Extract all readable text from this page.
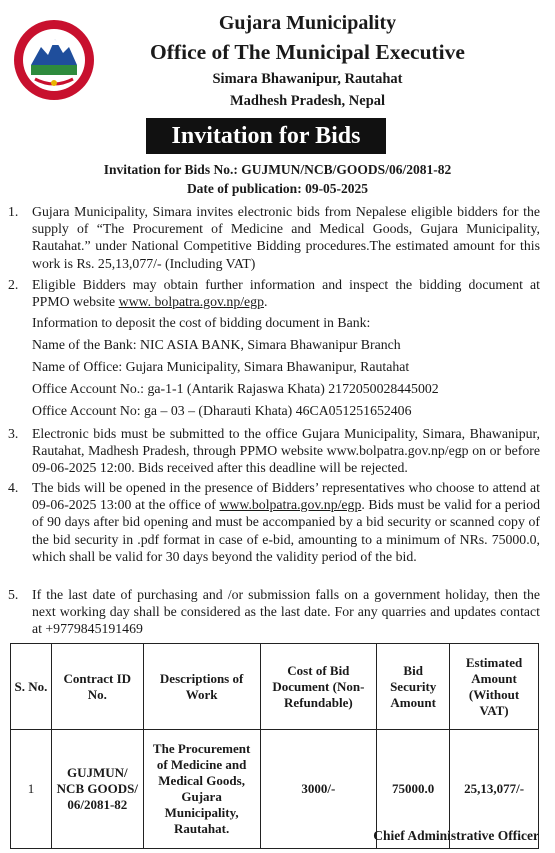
Gujara Municipality
Office of The Municipal Executive
Simara Bhawanipur, Rautahat
Madhesh Pradesh, Nepal
Invitation for Bids
Invitation for Bids No.: GUJMUN/NCB/GOODS/06/2081-82
Date of publication: 09-05-2025
1. Gujara Municipality, Simara invites electronic bids from Nepalese eligible bidders for the supply of “The Procurement of Medicine and Medical Goods, Gujara Municipality, Rautahat.” under National Competitive Bidding procedures.The estimated amount for this work is Rs. 25,13,077/- (Including VAT)
2. Eligible Bidders may obtain further information and inspect the bidding document at PPMO website www. bolpatra.gov.np/egp.
Information to deposit the cost of bidding document in Bank:
Name of the Bank: NIC ASIA BANK, Simara Bhawanipur Branch
Name of Office: Gujara Municipality, Simara Bhawanipur, Rautahat
Office Account No.: ga-1-1 (Antarik Rajaswa Khata) 2172050028445002
Office Account No: ga – 03 – (Dharauti Khata) 46CA051251652406
3. Electronic bids must be submitted to the office Gujara Municipality, Simara, Bhawanipur, Rautahat, Madhesh Pradesh, through PPMO website www.bolpatra.gov.np/egp on or before 09-06-2025 12:00. Bids received after this deadline will be rejected.
4. The bids will be opened in the presence of Bidders’ representatives who choose to attend at 09-06-2025 13:00 at the office of www.bolpatra.gov.np/egp. Bids must be valid for a period of 90 days after bid opening and must be accompanied by a bid security or scanned copy of the bid security in .pdf format in case of e-bid, amounting to a minimum of NRs. 75000.0, which shall be valid for 30 days beyond the validity period of the bid.
5. If the last date of purchasing and /or submission falls on a government holiday, then the next working day shall be considered as the last date. For any quarries and updates contact at +9779845191469
S. No.	Contract ID No.	Descriptions of Work	Cost of Bid Document (Non-Refundable)	Bid Security Amount	Estimated Amount (Without VAT)
1	GUJMUN/ NCB GOODS/ 06/2081-82	The Procurement of Medicine and Medical Goods, Gujara Municipality, Rautahat.	3000/-	75000.0	25,13,077/-
Chief Administrative Officer
